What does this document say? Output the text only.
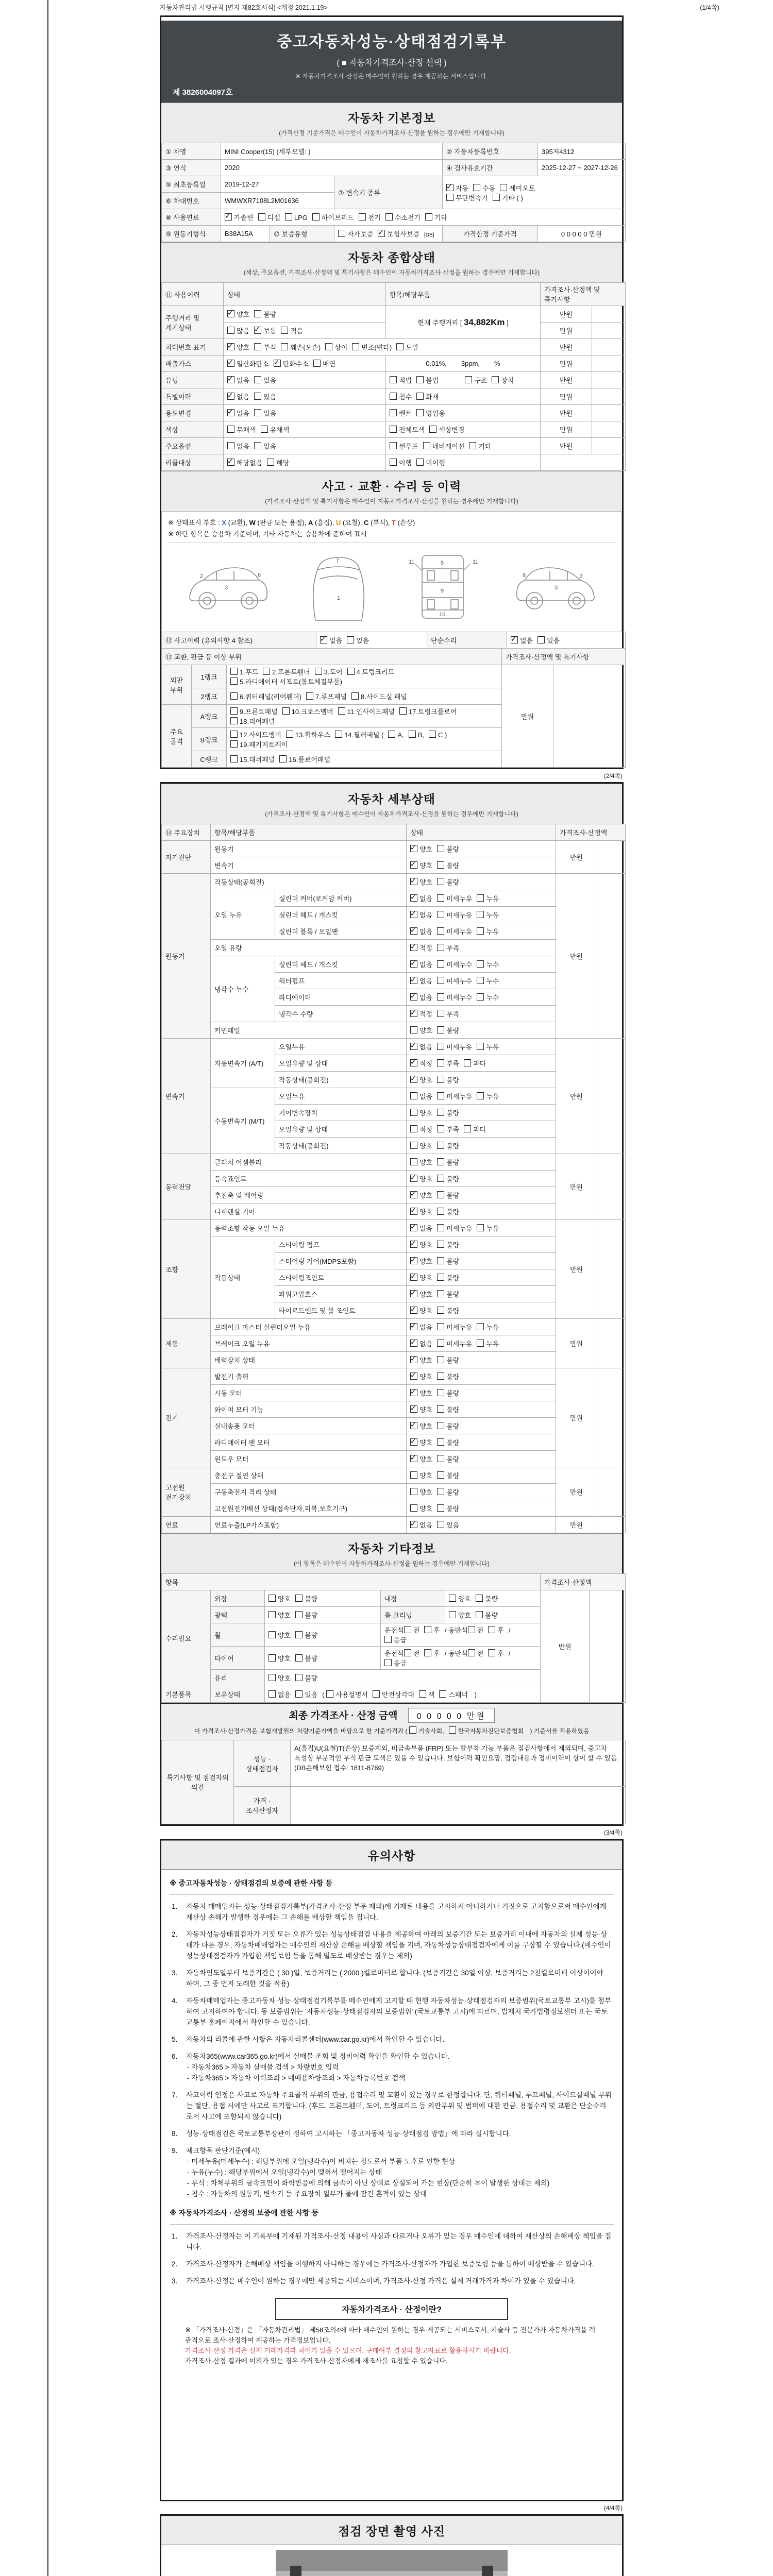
자동차관리법 시행규칙 [별지 제82호서식] <개정 2021.1.19>	(1/4쪽)
중고자동차성능·상태점검기록부
( ■ 자동차가격조사·산정 선택 )
※ 자동차가격조사·산정은 매수인이 원하는 경우 제공하는 서비스입니다.
제 3826004097호
자동차 기본정보
(가격산정 기준가격은 매수인이 자동차가격조사·산정을 원하는 경우에만 기재합니다)
① 차명	MINI Cooper(15) (세부모델: )			② 자동차등록번호	395저4312
③ 연식	2020			④ 검사유효기간	2025-12-27 ~ 2027-12-26
⑤ 최초등록일	2019-12-27		⑦ 변속기 종류	✓자동 수동 세미오토
무단변속기 기타 ( )
⑥ 차대번호	WMWXR7108L2M01636				
⑧ 사용연료	✓가솔린 디젤 LPG 하이브리드 전기 수소전기 기타
⑨ 원동기형식	B38A15A	⑩ 보증유형	자가보증 ✓ 보험사보증 [DB]	가격산정 기준가격	0 0 0 0 0 만원
자동차 종합상태
(색상, 주요옵션, 가격조사·산정액 및 특기사항은 매수인이 자동차가격조사·산정을 원하는 경우에만 기재합니다)
⑪ 사용이력	상태	항목/해당부품	가격조사·산정액 및 특기사항	
주행거리 및 계기상태	✓양호 불량	현재 주행거리 [ 34,882Km ]	만원	
	많음 ✓ 보통 적음		만원	
차대번호 표기	✓양호 부식 훼손(오손) 상이 변조(변타) 도말		만원	
배출가스	✓일산화탄소 ✓ 탄화수소 매연	0.01%, 3ppm, %	만원	
튜닝	✓없음 있음	적법 불법 구조 장치	만원	
특별이력	✓없음 있음	침수 화재	만원	
용도변경	✓없음 있음	렌트 영업용	만원	
색상	무채색 유채색	전체도색 색상변경	만원	
주요옵션	없음 있음	썬루프 네비게이션 기타	만원	
리콜대상	✓해당없음 해당	이행 미이행		
사고 · 교환 · 수리 등 이력
(가격조사·산정액 및 특기사항은 매수인이 자동차가격조사·산정을 원하는 경우에만 기재합니다)
※ 상태표시 부호 : X (교환), W (판금 또는 용접), A (흠집), U (요철), C (부식), T (손상)
※ 하단 항목은 승용차 기준이며, 기타 자동차는 승용차에 준하여 표시
2
3
6
1
7	11	11
5
9
10
2
3
6
⑫ 사고이력 (유의사항 4 참조)	✓없음 있음	단순수리	✓없음 있음
⑬ 교환, 판금 등 이상 부위	가격조사·산정액 및 특기사항
외판 부위	1랭크	1.후드 2.프론트휀더 3.도어 4.트렁크리드
5.라디에이터 서포트(볼트체결부품)	만원	
	2랭크	6.쿼터패널(리어휀더) 7.루프패널 8.사이드실 패널		
주요 골격	A랭크	9.프론트패널 10.크로스멤버 11.인사이드패널 17.트렁크플로어
18.리어패널		
	B랭크	12.사이드멤버 13.휠하우스 14.필러패널 ( A, B, C )
19.패키지트레이		
	C랭크	15.대쉬패널 16.플로어패널		
(2/4쪽)
자동차 세부상태
(가격조사·산정액 및 특기사항은 매수인이 자동차가격조사·산정을 원하는 경우에만 기재합니다)
⑭ 주요장치	항목/해당부품		상태	가격조사·산정액	
자기진단	원동기	✓양호 불량	만원	
	변속기	✓양호 불량
원동기	작동상태(공회전)	✓양호 불량	만원	
	오일 누유	실린더 커버(로커암 커버)	✓없음 미세누유 누유
		실린더 헤드 / 개스킷	✓없음 미세누유 누유
		실린더 블록 / 오일팬	✓없음 미세누유 누유
	오일 유량	✓적정 부족
	냉각수 누수	실린더 헤드 / 개스킷	✓없음 미세누수 누수
		워터펌프	✓없음 미세누수 누수
		라디에이터	✓없음 미세누수 누수
		냉각수 수량	✓적정 부족
	커먼레일		양호 불량		
변속기	자동변속기 (A/T)	오일누유	✓없음 미세누유 누유	만원	
		오일유량 및 상태	✓적정 부족 과다
		작동상태(공회전)	✓양호 불량
	수동변속기 (M/T)	오일누유	없음 미세누유 누유		
		기어변속장치	양호 불량		
		오일유량 및 상태	적정 부족 과다		
		작동상태(공회전)	양호 불량		
동력전달	클러치 어셈블리		양호 불량	만원	
	등속죠인트	✓양호 불량
	추진축 및 베어링	✓양호 불량
	디퍼렌셜 기어	✓양호 불량
조향	동력조향 작동 오일 누유	✓없음 미세누유 누유	만원	
	작동상태	스티어링 펌프	✓양호 불량
		스티어링 기어(MDPS포함)	✓양호 불량
		스티어링조인트	✓양호 불량
		파워고압호스	✓양호 불량
		타이로드엔드 및 볼 조인트	✓양호 불량
제동	브레이크 마스터 실린더오일 누유	✓없음 미세누유 누유	만원	
	브레이크 오일 누유	✓없음 미세누유 누유
	배력장치 상태	✓양호 불량
전기	발전기 출력	✓양호 불량	만원	
	시동 모터	✓양호 불량
	와이퍼 모터 기능	✓양호 불량
	실내송풍 모터	✓양호 불량
	라디에이터 팬 모터	✓양호 불량
	윈도우 모터	✓양호 불량
고전원 전기장치	충전구 절연 상태		양호 불량	만원	
	구동축전지 격리 상태		양호 불량		
	고전원전기배선 상태(접속단자,피복,보호기구)		양호 불량		
연료	연료누출(LP가스포함)	✓없음 있음	만원	
자동차 기타정보
(이 항목은 매수인이 자동차가격조사·산정을 원하는 경우에만 기재합니다)
항목					가격조사·산정액	
수리필요	외장	양호 불량	내장	양호 불량	만원	
	광택	양호 불량	룸 크리닝	양호 불량		
	휠	양호 불량	운전석 전 후 / 동반석 전 후 / 응급			
	타이어	양호 불량	운전석 전 후 / 동반석 전 후 / 응급			
	유리	양호 불량				
기본품목	보유상태	없음 있음 ( 사용설명서 안전삼각대 잭 스패너 )				
최종 가격조사 · 산정 금액 0 0 0 0 0 만원
이 가격조사·산정가격은 보험개발원의 차량기준가액을 바탕으로 한 기준가격과 ( 기술사회, 한국자동차진단보증협회 ) 기준서를 적용하였음
특기사항 및 점검자의 의견	성능 · 상태점검자	A(흠집)U(요철)T(손상) 보증제외, 비금속부품 (FRP) 또는 탈부착 가능 부품은 점검사항에서 제외되며, 중고차 특성상 부분적인 부식 판금 도색은 있을 수 있습니다. 보험이력 확인요망. 점검내용과 정비이력이 상이 할 수 있음. (DB손해보험 접수: 1811-8769)
	가격 · 조사산정자	
(3/4쪽)
유의사항
※ 중고자동차성능 · 상태점검의 보증에 관한 사항 등
1.	자동차 매매업자는 성능·상태점검기록부(가격조사·산정 부분 제외)에 기재된 내용을 고지하지 아니하거나 거짓으로 고지함으로써 매수인에게 재산상 손해가 발생한 경우에는 그 손해를 배상할 책임을 집니다.
2.	자동차성능상태점검자가 거짓 또는 오류가 있는 성능상태점검 내용을 제공하여 아래의 보증기간 또는 보증거리 이내에 자동차의 실제 성능·상태가 다른 경우, 자동차매매업자는 매수인의 재산상 손해를 배상할 책임을 지며, 자동차성능상태점검자에게 이를 구상할 수 있습니다.(매수인이 성능상태점검자가 가입한 책임보험 등을 통해 별도로 배상받는 경우는 제외)
3.	자동차인도일부터 보증기간은 ( 30 )일, 보증거리는 ( 2000 )킬로미터로 합니다. (보증기간은 30일 이상, 보증거리는 2천킬로미터 이상이어야 하며, 그 중 먼저 도래한 것을 적용)
4.	자동차매매업자는 중고자동차 성능·상태점검기록부를 매수인에게 고지할 때 현행 자동차성능·상태점검자의 보증범위(국토교통부 고시)를 첨부하여 고지하여야 합니다. 동 보증범위는 '자동차성능·상태점검자의 보증범위' (국토교통부 고시)에 따르며, 법제처 국가법령정보센터 또는 국토교통부 홈페이지에서 확인할 수 있습니다.
5.	자동차의 리콜에 관한 사항은 자동차리콜센터(www.car.go.kr)에서 확인할 수 있습니다.
6.	자동차365(www.car365.go.kr)에서 실매물 조회 및 정비이력 확인을 확인할 수 있습니다.
- 자동차365 > 자동차 실매물 검색 > 차량번호 입력
- 자동차365 > 자동차 이력조회 > 매매용차량조회 > 자동차등록번호 검색
7.	사고이력 인정은 사고로 자동차 주요골격 부위의 판금, 용접수리 및 교환이 있는 경우로 한정합니다. 단, 쿼터패널, 루프패널, 사이드실패널 부위는 절단, 용접 시에만 사고로 표기합니다. (후드, 프론트휀더, 도어, 트렁크리드 등 외판부위 및 범퍼에 대한 판금, 용접수리 및 교환은 단순수리로서 사고에 포함되지 않습니다)
8.	성능·상태점검은 국토교통부장관이 정하여 고시하는 「중고자동차 성능·상태점검 방법」에 따라 실시합니다.
9.	체크항목 판단기준(예시)
- 미세누유(미세누수) : 해당부위에 오일(냉각수)이 비치는 정도로서 부품 노후로 인한 현상
- 누유(누수) : 해당부위에서 오일(냉각수)이 맺혀서 떨어지는 상태
- 부식 : 차체부위의 금속표면이 화학반응에 의해 금속이 아닌 상태로 상실되어 가는 현상(단순히 녹이 발생한 상태는 제외)
- 침수 : 자동차의 원동기, 변속기 등 주요장치 일부가 물에 잠긴 흔적이 있는 상태
※ 자동차가격조사 · 산정의 보증에 관한 사항 등
1.	가격조사·산정자는 이 기록부에 기재된 가격조사·산정 내용이 사실과 다르거나 오류가 있는 경우 매수인에 대하여 재산상의 손해배상 책임을 집니다.
2.	가격조사·산정자가 손해배상 책임을 이행하지 아니하는 경우에는 가격조사·산정자가 가입한 보증보험 등을 통하여 배상받을 수 있습니다.
3.	가격조사·산정은 매수인이 원하는 경우에만 제공되는 서비스이며, 가격조사·산정 가격은 실제 거래가격과 차이가 있을 수 있습니다.
자동차가격조사 · 산정이란?
※ 「가격조사·산정」은 「자동차관리법」 제58조의4에 따라 매수인이 원하는 경우 제공되는 서비스로서, 기술사 등 전문가가 자동차가격을 객관적으로 조사·산정하여 제공하는 가격정보입니다.
가격조사·산정 가격은 실제 거래가격과 차이가 있을 수 있으며, 구매여부 결정의 참고자료로 활용하시기 바랍니다.
가격조사·산정 결과에 이의가 있는 경우 가격조사·산정자에게 재조사를 요청할 수 있습니다.
(4/4쪽)
점검 장면 촬영 사진
